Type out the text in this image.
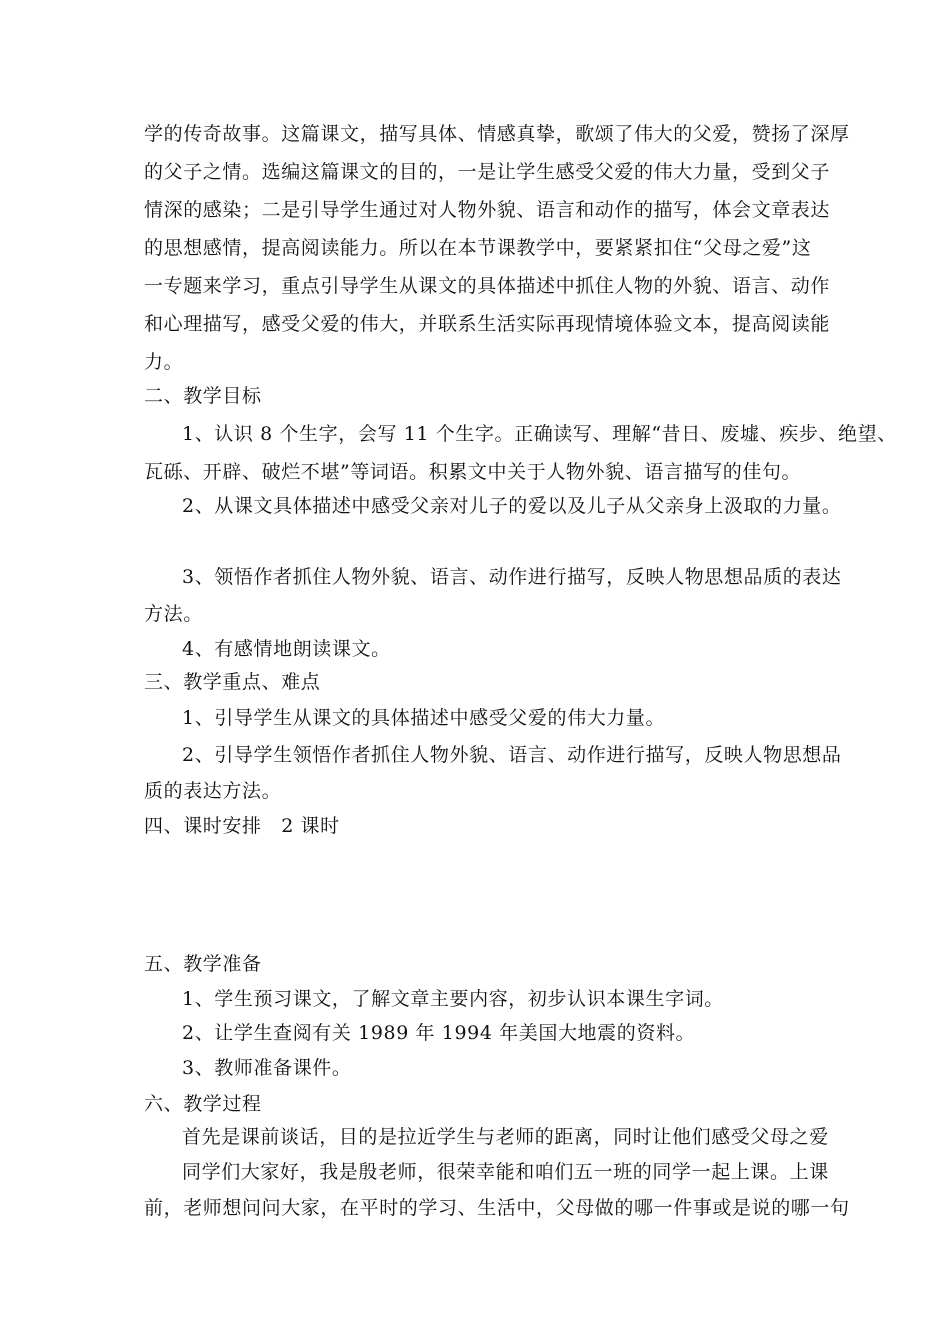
学的传奇故事。这篇课文，描写具体、情感真挚，歌颂了伟大的父爱，赞扬了深厚
的父子之情。选编这篇课文的目的，一是让学生感受父爱的伟大力量，受到父子
情深的感染；二是引导学生通过对人物外貌、语言和动作的描写，体会文章表达
的思想感情，提高阅读能力。所以在本节课教学中，要紧紧扣住“父母之爱”这
一专题来学习，重点引导学生从课文的具体描述中抓住人物的外貌、语言、动作
和心理描写，感受父爱的伟大，并联系生活实际再现情境体验文本，提高阅读能
力。
二、教学目标
1、认识 8 个生字，会写 11 个生字。正确读写、理解“昔日、废墟、疾步、绝望、
瓦砾、开辟、破烂不堪”等词语。积累文中关于人物外貌、语言描写的佳句。
2、从课文具体描述中感受父亲对儿子的爱以及儿子从父亲身上汲取的力量。
3、领悟作者抓住人物外貌、语言、动作进行描写，反映人物思想品质的表达
方法。
4、有感情地朗读课文。
三、教学重点、难点
1、引导学生从课文的具体描述中感受父爱的伟大力量。
2、引导学生领悟作者抓住人物外貌、语言、动作进行描写，反映人物思想品
质的表达方法。
四、课时安排　2 课时
五、教学准备
1、学生预习课文，了解文章主要内容，初步认识本课生字词。
2、让学生查阅有关 1989 年 1994 年美国大地震的资料。
3、教师准备课件。
六、教学过程
首先是课前谈话，目的是拉近学生与老师的距离，同时让他们感受父母之爱
同学们大家好，我是殷老师，很荣幸能和咱们五一班的同学一起上课。上课
前，老师想问问大家，在平时的学习、生活中，父母做的哪一件事或是说的哪一句
